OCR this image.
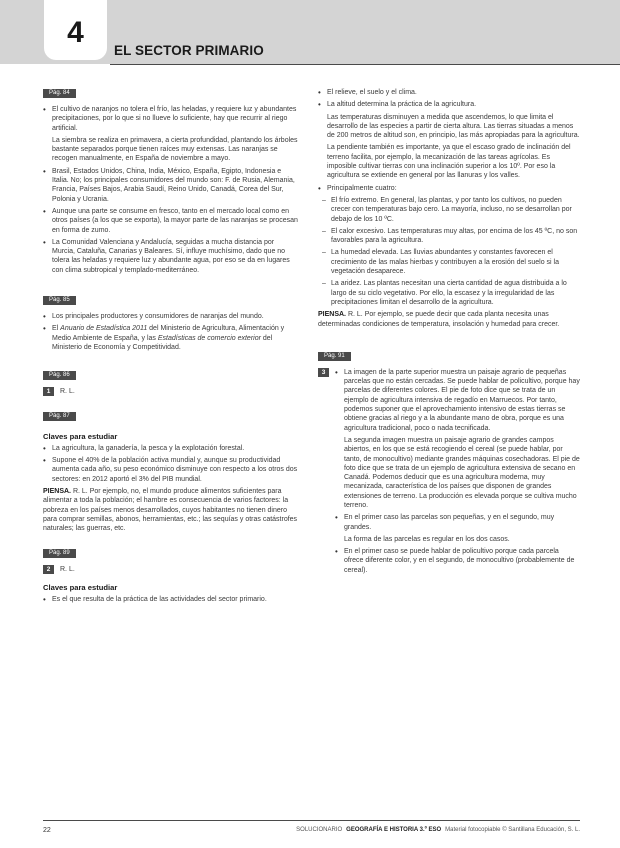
4
EL SECTOR PRIMARIO
Pág. 84
• El cultivo de naranjos no tolera el frío, las heladas, y requiere luz y abundantes precipitaciones, por lo que si no llueve lo suficiente, hay que recurrir al riego artificial.
La siembra se realiza en primavera, a cierta profundidad, plantando los árboles bastante separados porque tienen raíces muy extensas. Las naranjas se recogen manualmente, en España de noviembre a mayo.
• Brasil, Estados Unidos, China, India, México, España, Egipto, Indonesia e Italia. No; los principales consumidores del mundo son: F. de Rusia, Alemania, Francia, Países Bajos, Arabia Saudí, Reino Unido, Canadá, Corea del Sur, Polonia y Ucrania.
• Aunque una parte se consume en fresco, tanto en el mercado local como en otros países (a los que se exporta), la mayor parte de las naranjas se procesan en forma de zumo.
• La Comunidad Valenciana y Andalucía, seguidas a mucha distancia por Murcia, Cataluña, Canarias y Baleares. Sí, influye muchísimo, dado que no tolera las heladas y requiere luz y abundante agua, por eso se da en lugares con clima subtropical y templado-mediterráneo.
Pág. 85
• Los principales productores y consumidores de naranjas del mundo.
• El Anuario de Estadística 2011 del Ministerio de Agricultura, Alimentación y Medio Ambiente de España, y las Estadísticas de comercio exterior del Ministerio de Economía y Competitividad.
Pág. 86
1	R. L.
Pág. 87
Claves para estudiar
• La agricultura, la ganadería, la pesca y la explotación forestal.
• Supone el 40% de la población activa mundial y, aunque su productividad aumenta cada año, su peso económico disminuye con respecto a los otros dos sectores: en 2012 aportó el 3% del PIB mundial.
PIENSA. R. L. Por ejemplo, no, el mundo produce alimentos suficientes para alimentar a toda la población; el hambre es consecuencia de varios factores: la pobreza en los países menos desarrollados, cuyos habitantes no tienen dinero para comprar semillas, abonos, herramientas, etc.; las sequías y otras catástrofes naturales; las guerras, etc.
Pág. 89
2	R. L.
Claves para estudiar
• Es el que resulta de la práctica de las actividades del sector primario.
• El relieve, el suelo y el clima.
• La altitud determina la práctica de la agricultura.
Las temperaturas disminuyen a medida que ascendemos, lo que limita el desarrollo de las especies a partir de cierta altura. Las tierras situadas a menos de 200 metros de altitud son, en principio, las más apropiadas para la agricultura.
La pendiente también es importante, ya que el escaso grado de inclinación del terreno facilita, por ejemplo, la mecanización de las tareas agrícolas. Es imposible cultivar tierras con una inclinación superior a los 10º. Por eso la agricultura se extiende en general por las llanuras y los valles.
• Principalmente cuatro:
– El frío extremo. En general, las plantas, y por tanto los cultivos, no pueden crecer con temperaturas bajo cero. La mayoría, incluso, no se desarrollan por debajo de los 10 ºC.
– El calor excesivo. Las temperaturas muy altas, por encima de los 45 ºC, no son favorables para la agricultura.
– La humedad elevada. Las lluvias abundantes y constantes favorecen el crecimiento de las malas hierbas y contribuyen a la erosión del suelo si la vegetación desaparece.
– La aridez. Las plantas necesitan una cierta cantidad de agua distribuida a lo largo de su ciclo vegetativo. Por ello, la escasez y la irregularidad de las precipitaciones limitan el desarrollo de la agricultura.
PIENSA. R. L. Por ejemplo, se puede decir que cada planta necesita unas determinadas condiciones de temperatura, insolación y humedad para crecer.
Pág. 91
3
•	La imagen de la parte superior muestra un paisaje agrario de pequeñas parcelas que no están cercadas. Se puede hablar de policultivo, porque hay parcelas de diferentes colores. El pie de foto dice que se trata de un ejemplo de agricultura intensiva de regadío en Marruecos. Por tanto, podemos suponer que el aprovechamiento intensivo de estas tierras se obtiene gracias al riego y a la abundante mano de obra, porque es una agricultura tradicional, poco o nada tecnificada.
La segunda imagen muestra un paisaje agrario de grandes campos abiertos, en los que se está recogiendo el cereal (se puede hablar, por tanto, de monocultivo) mediante grandes máquinas cosechadoras. El pie de foto dice que se trata de un ejemplo de agricultura extensiva de secano en Canadá. Podemos deducir que es una agricultura moderna, muy mecanizada, característica de los países que disponen de grandes extensiones de terreno. La producción es elevada porque se cultiva mucho terreno.
• En el primer caso las parcelas son pequeñas, y en el segundo, muy grandes.
La forma de las parcelas es regular en los dos casos.
• En el primer caso se puede hablar de policultivo porque cada parcela ofrece diferente color, y en el segundo, de monocultivo (probablemente de cereal).
22	SOLUCIONARIO GEOGRAFÍA E HISTORIA 3.º ESO Material fotocopiable © Santillana Educación, S. L.
